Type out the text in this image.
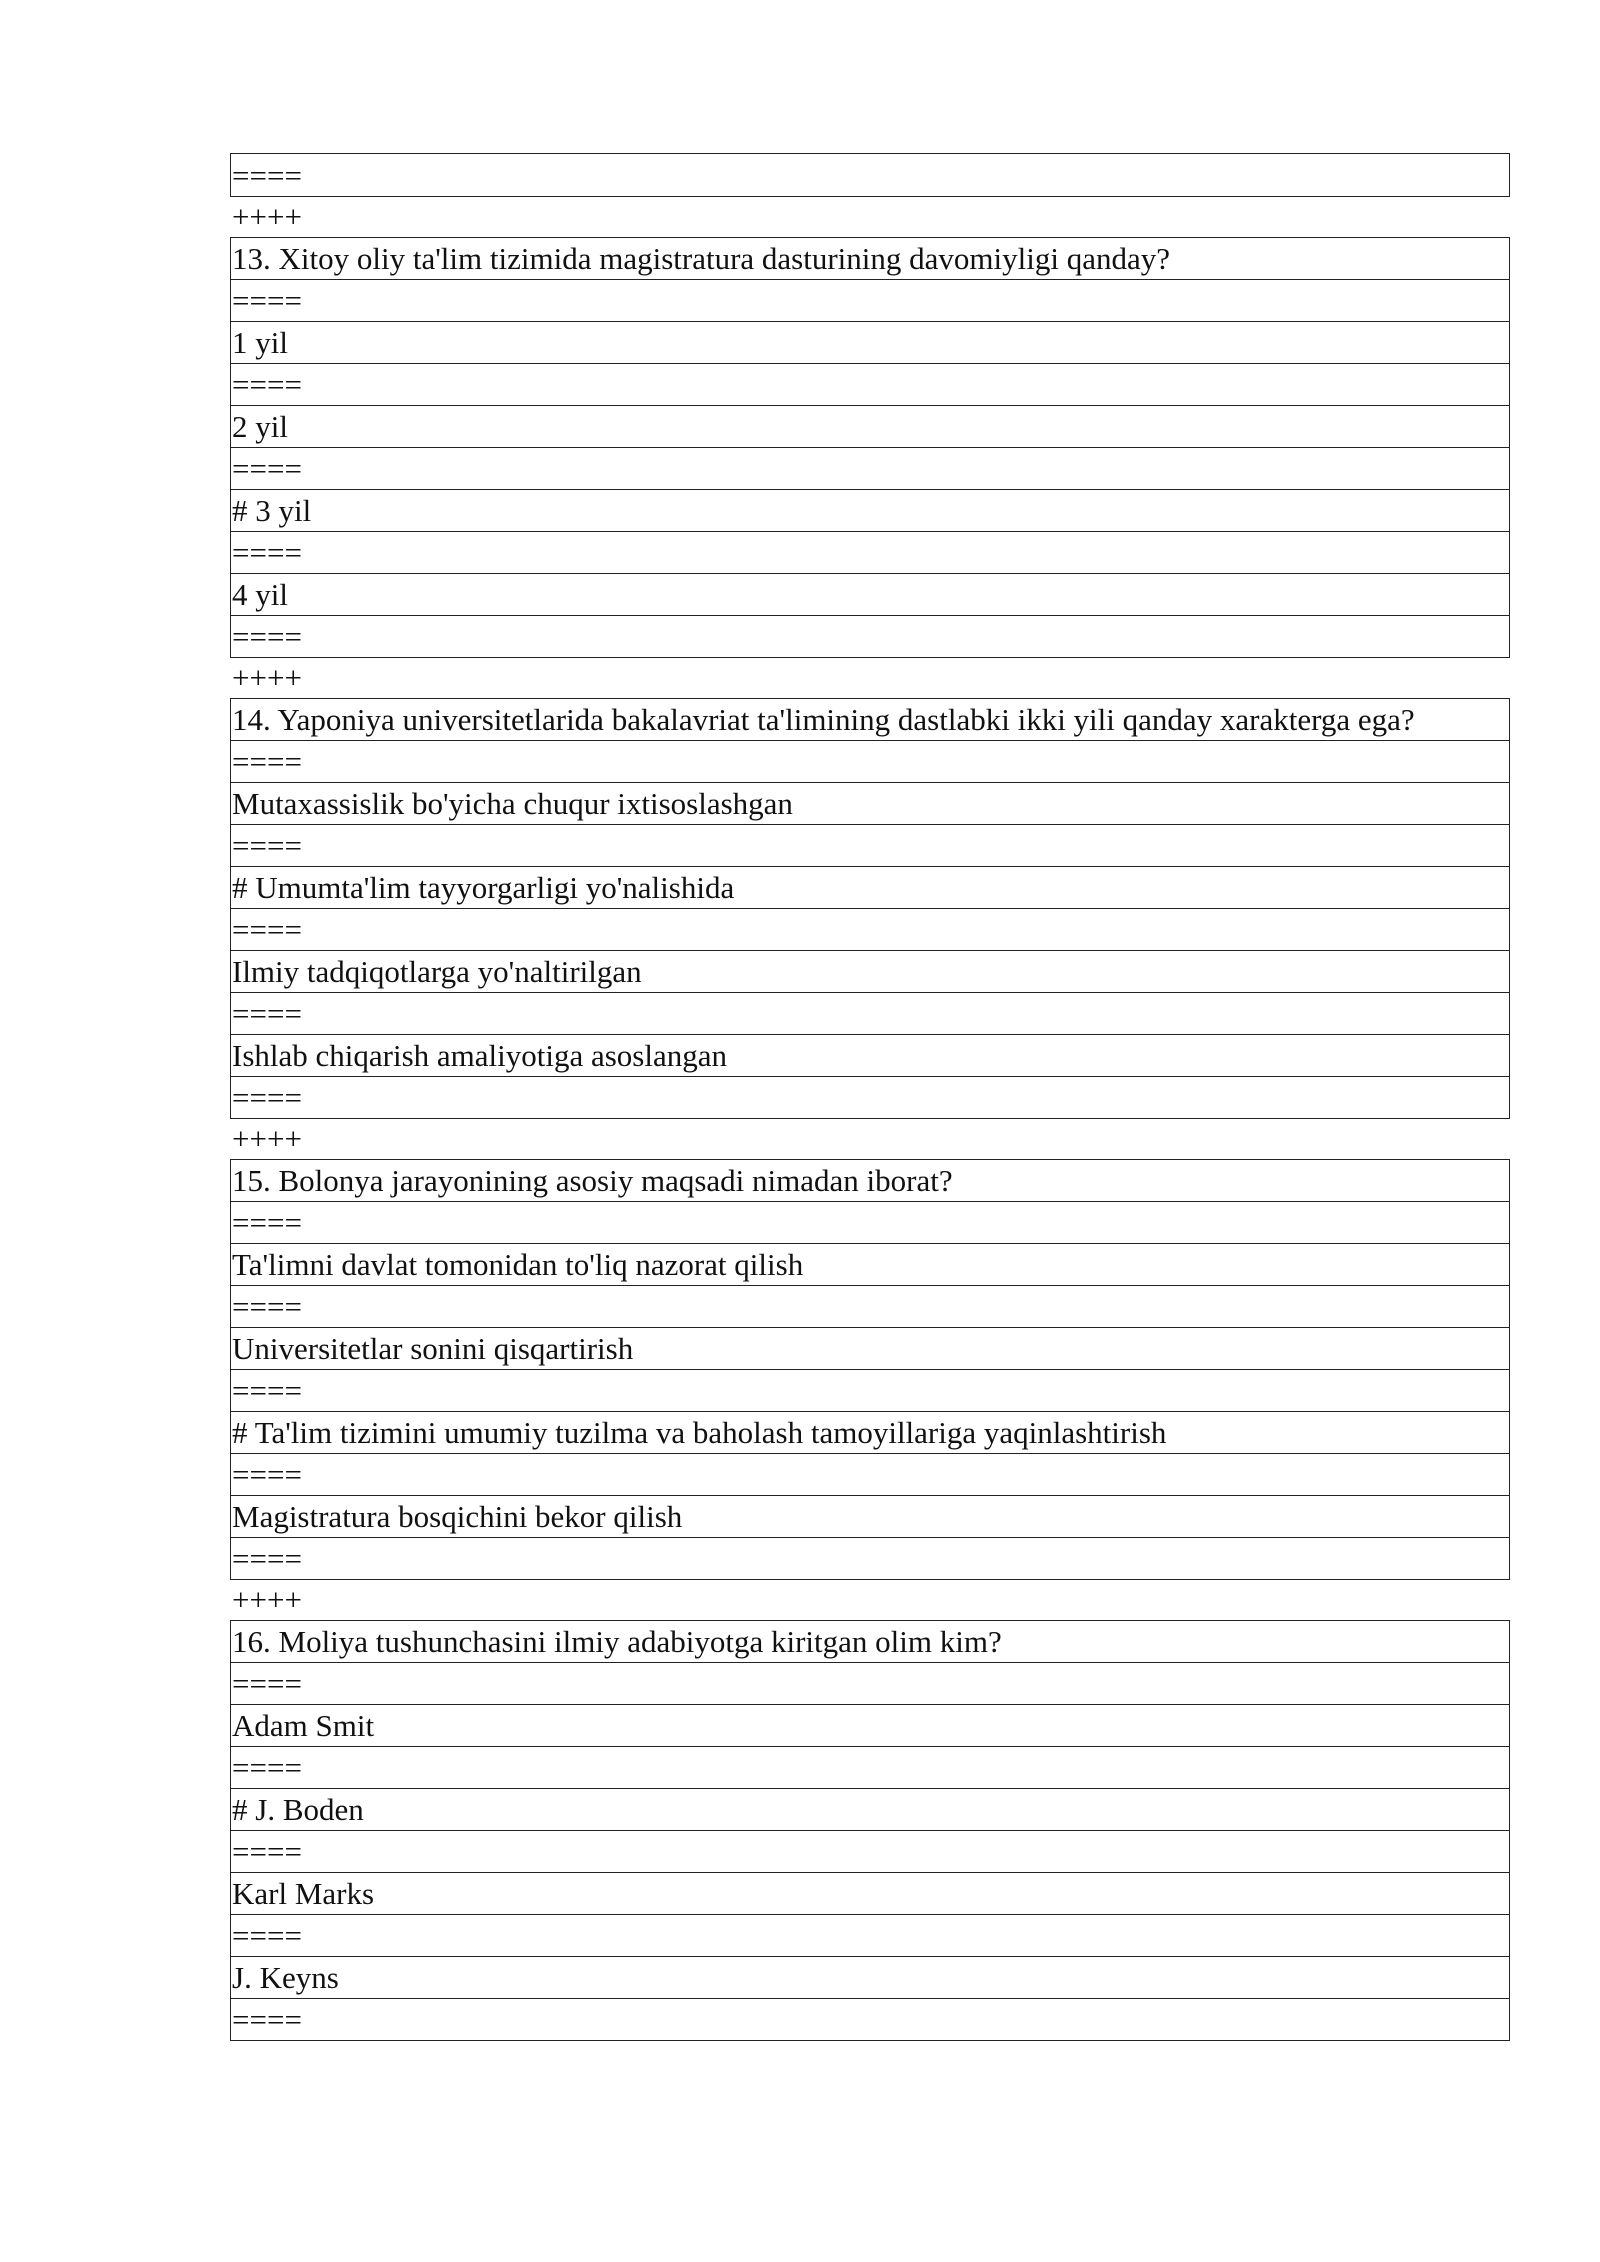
====
++++
13. Xitoy oliy ta'lim tizimida magistratura dasturining davomiyligi qanday?
====
1 yil
====
2 yil
====
# 3 yil
====
4 yil
====
++++
14. Yaponiya universitetlarida bakalavriat ta'limining dastlabki ikki yili qanday xarakterga ega?
====
Mutaxassislik bo'yicha chuqur ixtisoslashgan
====
# Umumta'lim tayyorgarligi yo'nalishida
====
Ilmiy tadqiqotlarga yo'naltirilgan
====
Ishlab chiqarish amaliyotiga asoslangan
====
++++
15. Bolonya jarayonining asosiy maqsadi nimadan iborat?
====
Ta'limni davlat tomonidan to'liq nazorat qilish
====
Universitetlar sonini qisqartirish
====
# Ta'lim tizimini umumiy tuzilma va baholash tamoyillariga yaqinlashtirish
====
Magistratura bosqichini bekor qilish
====
++++
16. Moliya tushunchasini ilmiy adabiyotga kiritgan olim kim?
====
Adam Smit
====
# J. Boden
====
Karl Marks
====
J. Keyns
====
